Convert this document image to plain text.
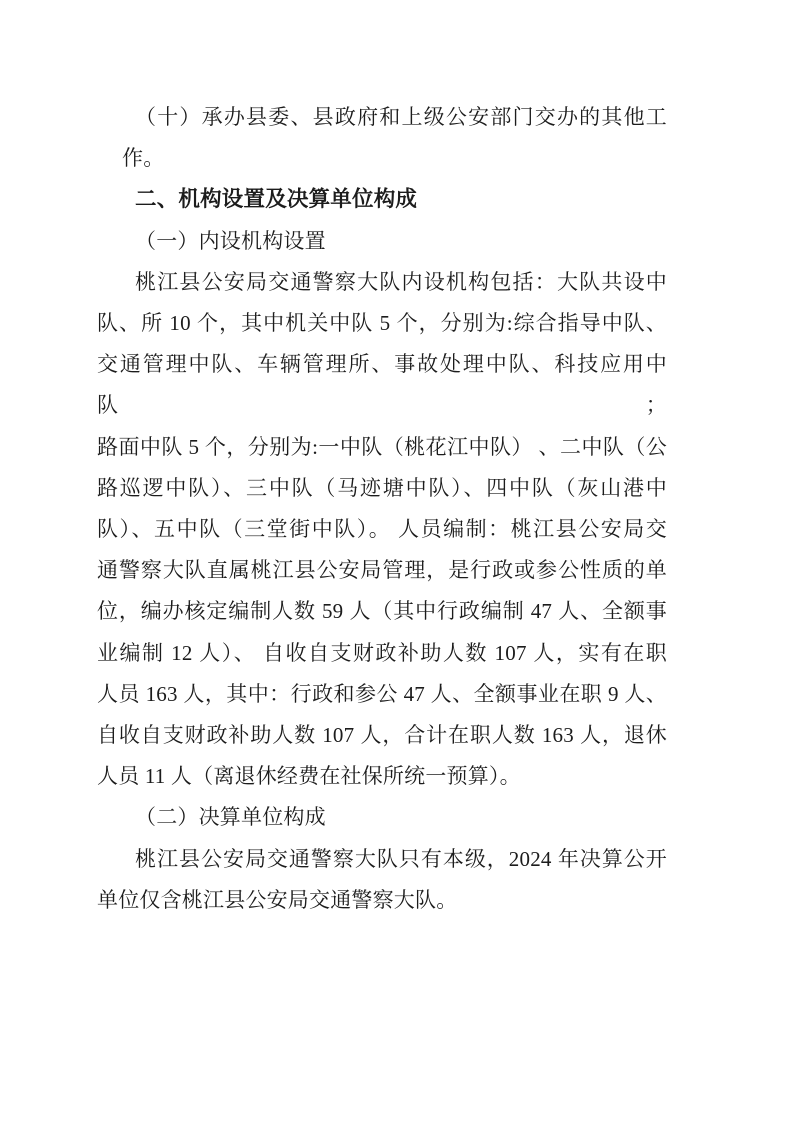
（十）承办县委、县政府和上级公安部门交办的其他工
作。
二、机构设置及决算单位构成
（一）内设机构设置
桃江县公安局交通警察大队内设机构包括：大队共设中
队、所 10 个，其中机关中队 5 个，分别为:综合指导中队、
交通管理中队、车辆管理所、事故处理中队、科技应用中队；
路面中队 5 个，分别为:一中队（桃花江中队） 、二中队（公
路巡逻中队）、三中队（马迹塘中队）、四中队（灰山港中
队）、五中队（三堂街中队）。 人员编制：桃江县公安局交
通警察大队直属桃江县公安局管理，是行政或参公性质的单
位，编办核定编制人数 59 人（其中行政编制 47 人、全额事
业编制 12 人）、 自收自支财政补助人数 107 人，实有在职
人员 163 人，其中：行政和参公 47 人、全额事业在职 9 人、
自收自支财政补助人数 107 人，合计在职人数 163 人，退休
人员 11 人（离退休经费在社保所统一预算）。
（二）决算单位构成
桃江县公安局交通警察大队只有本级，2024 年决算公开
单位仅含桃江县公安局交通警察大队。
